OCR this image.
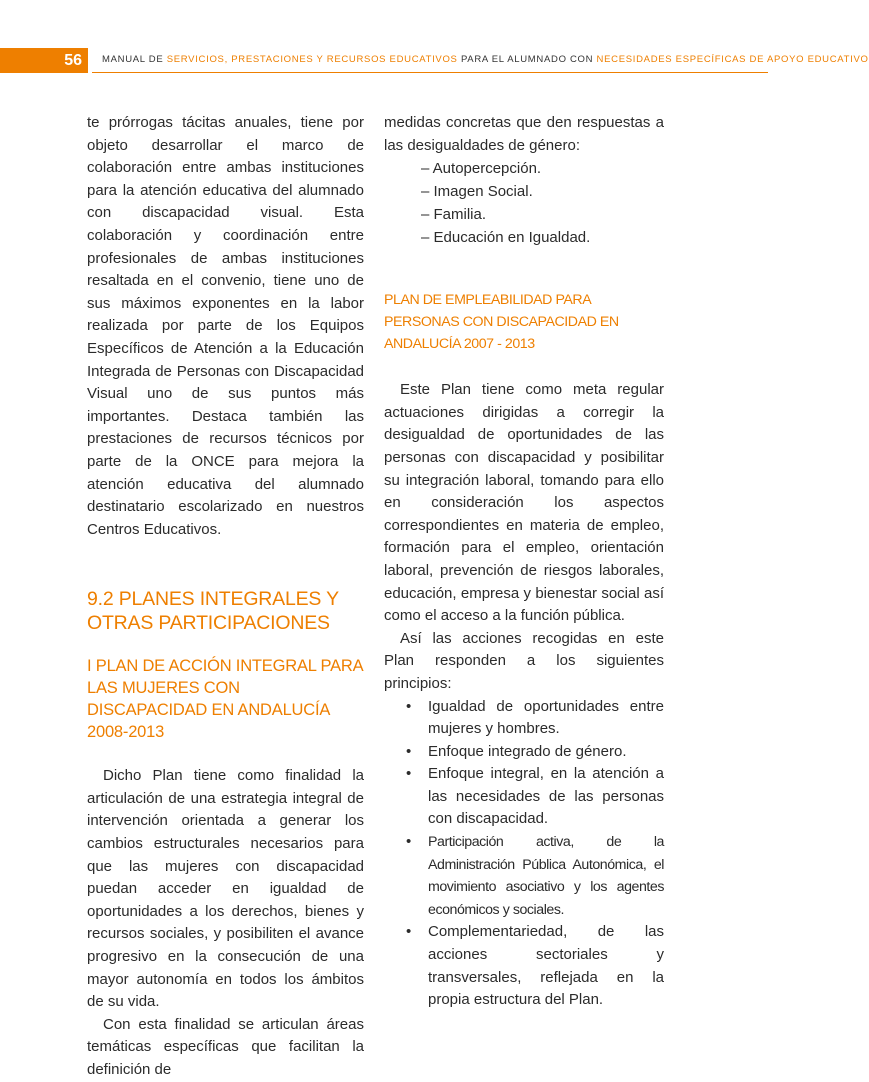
56	MANUAL DE SERVICIOS, PRESTACIONES Y RECURSOS EDUCATIVOS PARA EL ALUMNADO CON NECESIDADES ESPECÍFICAS DE APOYO EDUCATIVO

te prórrogas tácitas anuales, tiene por objeto desarrollar el marco de colaboración entre ambas instituciones para la atención educativa del alumnado con discapacidad visual. Esta colaboración y coordinación entre profesionales de ambas instituciones resaltada en el convenio, tiene uno de sus máximos exponentes en la labor realizada por parte de los Equipos Específicos de Atención a la Educación Integrada de Personas con Discapacidad Visual uno de sus puntos más importantes. Destaca también las prestaciones de recursos técnicos por parte de la ONCE para mejora la atención educativa del alumnado destinatario escolarizado en nuestros Centros Educativos.

9.2 PLANES INTEGRALES Y OTRAS PARTICIPACIONES
I PLAN DE ACCIÓN INTEGRAL PARA LAS MUJERES CON DISCAPACIDAD EN ANDALUCÍA 2008-2013

Dicho Plan tiene como finalidad la articulación de una estrategia integral de intervención orientada a generar los cambios estructurales necesarios para que las mujeres con discapacidad puedan acceder en igualdad de oportunidades a los derechos, bienes y recursos sociales, y posibiliten el avance progresivo en la consecución de una mayor autonomía en todos los ámbitos de su vida.

Con esta finalidad se articulan áreas temáticas específicas que facilitan la definición de

medidas concretas que den respuestas a las desigualdades de género:

– Autopercepción.
– Imagen Social.
– Familia.
– Educación en Igualdad.
PLAN DE EMPLEABILIDAD PARA PERSONAS CON DISCAPACIDAD EN ANDALUCÍA 2007 - 2013

Este Plan tiene como meta regular actuaciones dirigidas a corregir la desigualdad de oportunidades de las personas con discapacidad y posibilitar su integración laboral, tomando para ello en consideración los aspectos correspondientes en materia de empleo, formación para el empleo, orientación laboral, prevención de riesgos laborales, educación, empresa y bienestar social así como el acceso a la función pública.

Así las acciones recogidas en este Plan responden a los siguientes principios:

• Igualdad de oportunidades entre mujeres y hombres.
• Enfoque integrado de género.
• Enfoque integral, en la atención a las necesidades de las personas con discapacidad.
• Participación activa, de la Administración Pública Autonómica, el movimiento asociativo y los agentes económicos y sociales.
• Complementariedad, de las acciones sectoriales y transversales, reflejada en la propia estructura del Plan.
